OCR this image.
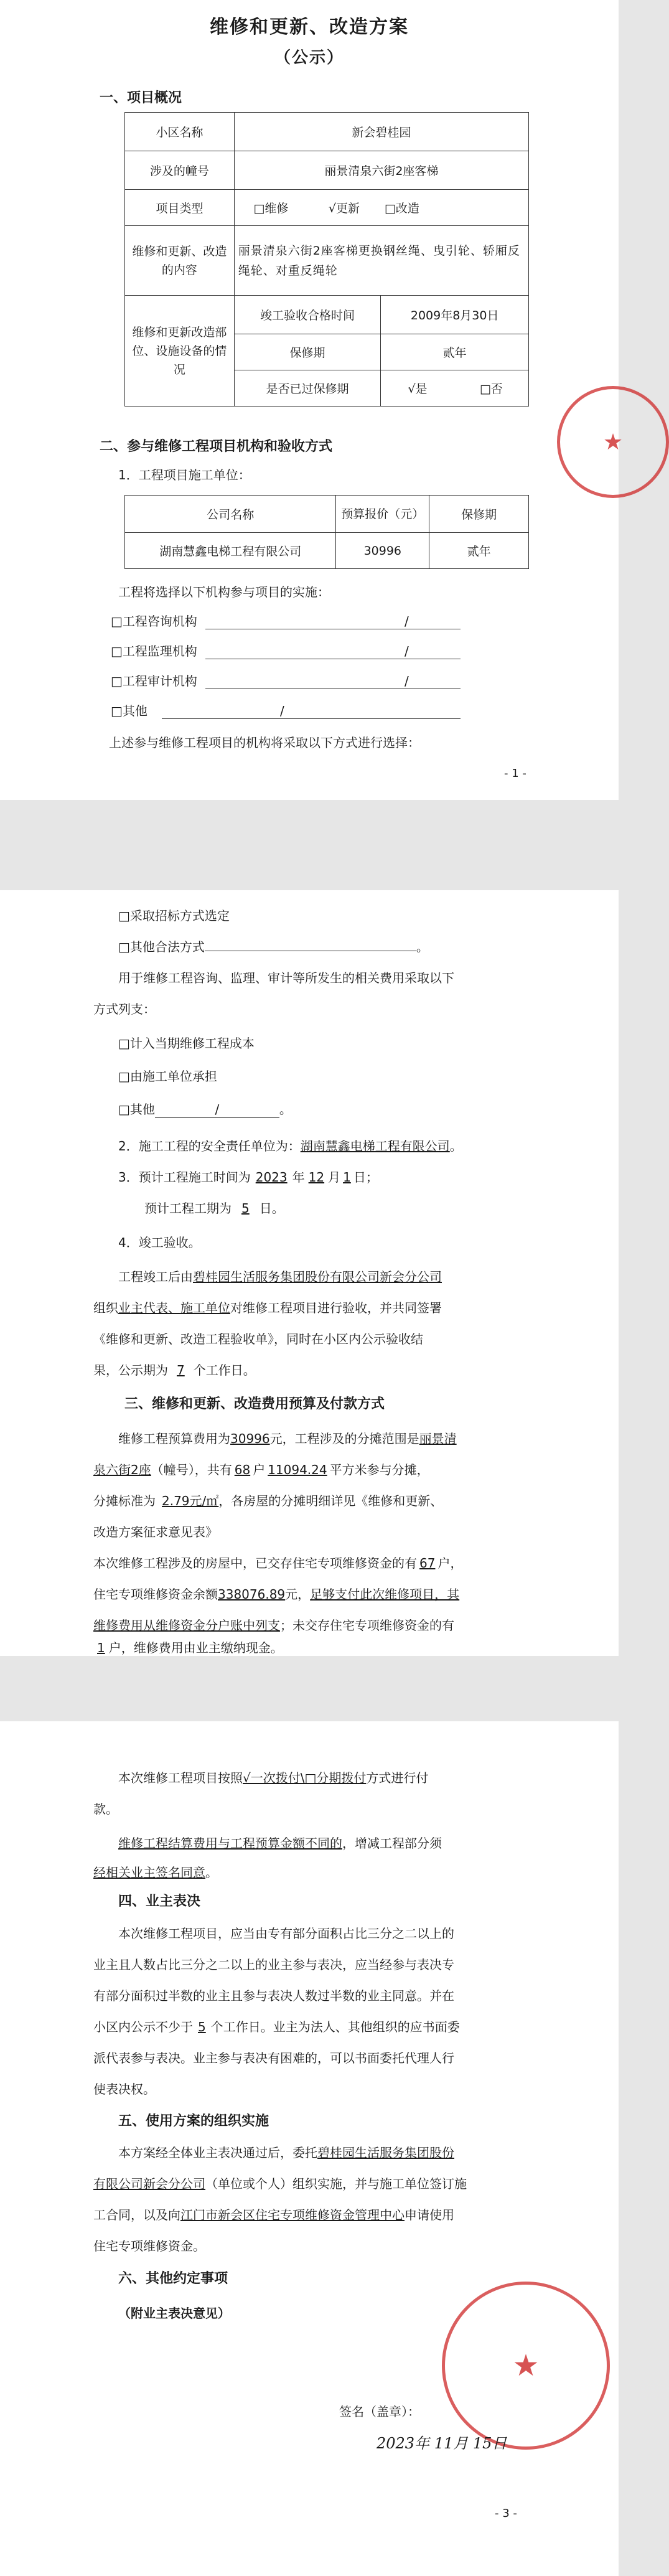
维修和更新、改造方案
（公示）
一、项目概况
小区名称	新会碧桂园			
涉及的幢号	丽景清泉六街2座客梯			
项目类型	□维修	√更新	□改造	
维修和更新、改造的内容	丽景清泉六街2座客梯更换钢丝绳、曳引轮、轿厢反绳轮、对重反绳轮			
维修和更新改造部位、设施设备的情况	竣工验收合格时间		2009年8月30日	
	保修期		贰年	
	是否已过保修期		√是	□否
★
二、参与维修工程项目机构和验收方式
1．工程项目施工单位：
公司名称	预算报价（元）	保修期
湖南慧鑫电梯工程有限公司	30996	贰年
工程将选择以下机构参与项目的实施：
□工程咨询机构	/
□工程监理机构	/
□工程审计机构	/
□其他	/
上述参与维修工程项目的机构将采取以下方式进行选择：
- 1 -
□采取招标方式选定
□其他合法方式	。
用于维修工程咨询、监理、审计等所发生的相关费用采取以下
方式列支：
□计入当期维修工程成本
□由施工单位承担
□其他	/	。
2．施工工程的安全责任单位为：湖南慧鑫电梯工程有限公司。
3．预计工程施工时间为 2023 年 12 月 1 日；
预计工程工期为 5 日。
4．竣工验收。
工程竣工后由碧桂园生活服务集团股份有限公司新会分公司
组织业主代表、施工单位对维修工程项目进行验收，并共同签署
《维修和更新、改造工程验收单》，同时在小区内公示验收结
果，公示期为 7 个工作日。
三、维修和更新、改造费用预算及付款方式
维修工程预算费用为30996元，工程涉及的分摊范围是丽景清
泉六街2座（幢号），共有 68 户 11094.24 平方米参与分摊，
分摊标准为 2.79元/㎡，各房屋的分摊明细详见《维修和更新、
改造方案征求意见表》
本次维修工程涉及的房屋中，已交存住宅专项维修资金的有 67 户，
住宅专项维修资金余额338076.89元，足够支付此次维修项目，其
维修费用从维修资金分户账中列支；未交存住宅专项维修资金的有
1 户，维修费用由业主缴纳现金。
本次维修工程项目按照√一次拨付\□分期拨付方式进行付
款。
维修工程结算费用与工程预算金额不同的，增减工程部分须
经相关业主签名同意。
四、业主表决
本次维修工程项目，应当由专有部分面积占比三分之二以上的
业主且人数占比三分之二以上的业主参与表决，应当经参与表决专
有部分面积过半数的业主且参与表决人数过半数的业主同意。并在
小区内公示不少于 5 个工作日。业主为法人、其他组织的应书面委
派代表参与表决。业主参与表决有困难的，可以书面委托代理人行
使表决权。
五、使用方案的组织实施
本方案经全体业主表决通过后，委托碧桂园生活服务集团股份
有限公司新会分公司（单位或个人）组织实施，并与施工单位签订施
工合同，以及向江门市新会区住宅专项维修资金管理中心申请使用
住宅专项维修资金。
六、其他约定事项
（附业主表决意见）
★
签名（盖章）：
2023年 11月 15日
- 3 -
